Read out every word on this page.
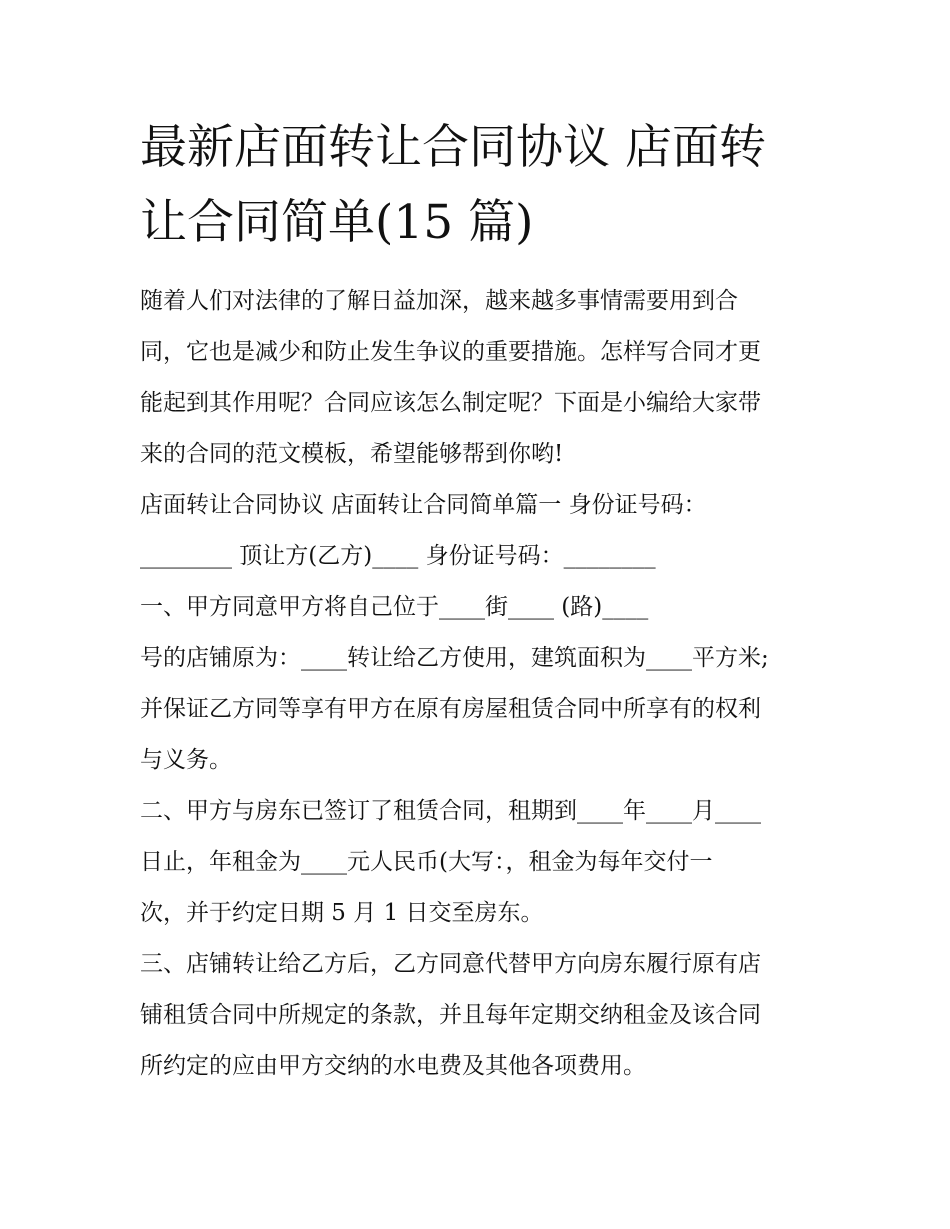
最新店面转让合同协议 店面转
让合同简单(15 篇)
随着人们对法律的了解日益加深，越来越多事情需要用到合
同，它也是减少和防止发生争议的重要措施。怎样写合同才更
能起到其作用呢？合同应该怎么制定呢？下面是小编给大家带
来的合同的范文模板，希望能够帮到你哟!
店面转让合同协议 店面转让合同简单篇一 身份证号码：
________ 顶让方(乙方)____ 身份证号码：________
一、甲方同意甲方将自己位于____街____ (路)____
号的店铺原为：____转让给乙方使用，建筑面积为____平方米;
并保证乙方同等享有甲方在原有房屋租赁合同中所享有的权利
与义务。
二、甲方与房东已签订了租赁合同，租期到____年____月____
日止，年租金为____元人民币(大写：，租金为每年交付一
次，并于约定日期 5 月 1 日交至房东。
三、店铺转让给乙方后，乙方同意代替甲方向房东履行原有店
铺租赁合同中所规定的条款，并且每年定期交纳租金及该合同
所约定的应由甲方交纳的水电费及其他各项费用。
